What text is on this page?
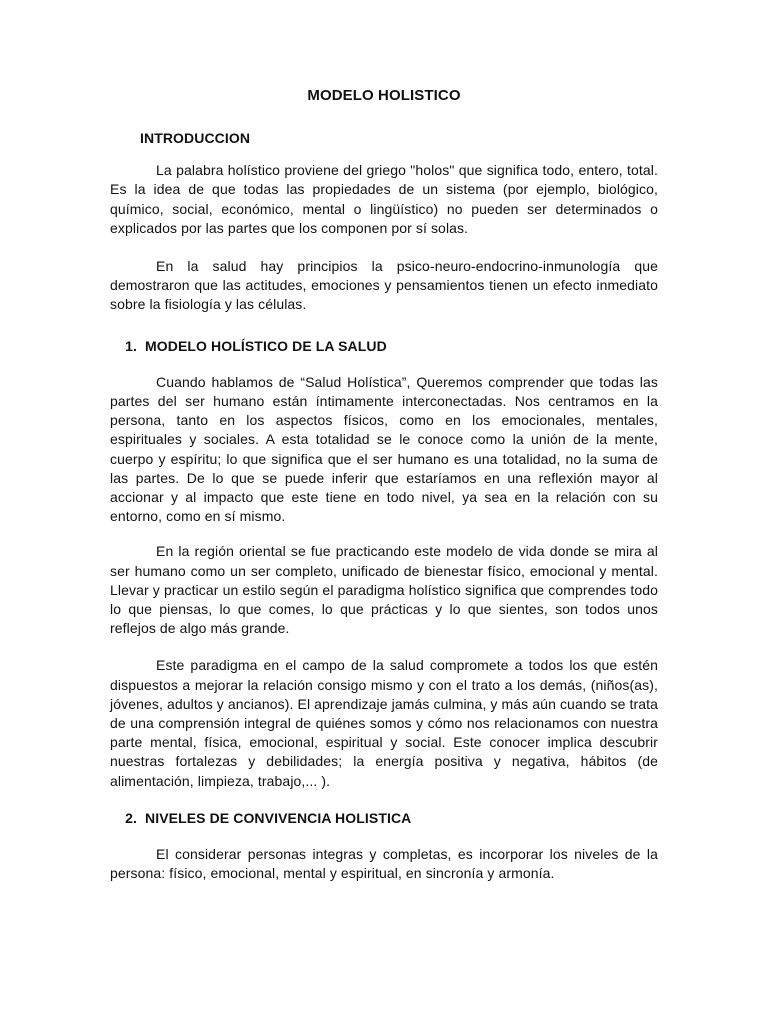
MODELO HOLISTICO
INTRODUCCION

La palabra holístico proviene del griego "holos" que significa todo, entero, total. Es la idea de que todas las propiedades de un sistema (por ejemplo, biológico, químico, social, económico, mental o lingüístico) no pueden ser determinados o explicados por las partes que los componen por sí solas.

En la salud hay principios la psico-neuro-endocrino-inmunología que demostraron que las actitudes, emociones y pensamientos tienen un efecto inmediato sobre la fisiología y las células.

1. MODELO HOLÍSTICO DE LA SALUD

Cuando hablamos de “Salud Holística”, Queremos comprender que todas las partes del ser humano están íntimamente interconectadas. Nos centramos en la persona, tanto en los aspectos físicos, como en los emocionales, mentales, espirituales y sociales. A esta totalidad se le conoce como la unión de la mente, cuerpo y espíritu; lo que significa que el ser humano es una totalidad, no la suma de las partes. De lo que se puede inferir que estaríamos en una reflexión mayor al accionar y al impacto que este tiene en todo nivel, ya sea en la relación con su entorno, como en sí mismo.

En la región oriental se fue practicando este modelo de vida donde se mira al ser humano como un ser completo, unificado de bienestar físico, emocional y mental. Llevar y practicar un estilo según el paradigma holístico significa que comprendes todo lo que piensas, lo que comes, lo que prácticas y lo que sientes, son todos unos reflejos de algo más grande.

Este paradigma en el campo de la salud compromete a todos los que estén dispuestos a mejorar la relación consigo mismo y con el trato a los demás, (niños(as), jóvenes, adultos y ancianos). El aprendizaje jamás culmina, y más aún cuando se trata de una comprensión integral de quiénes somos y cómo nos relacionamos con nuestra parte mental, física, emocional, espiritual y social. Este conocer implica descubrir nuestras fortalezas y debilidades; la energía positiva y negativa, hábitos (de alimentación, limpieza, trabajo,... ).

2. NIVELES DE CONVIVENCIA HOLISTICA

El considerar personas integras y completas, es incorporar los niveles de la persona: físico, emocional, mental y espiritual, en sincronía y armonía.
